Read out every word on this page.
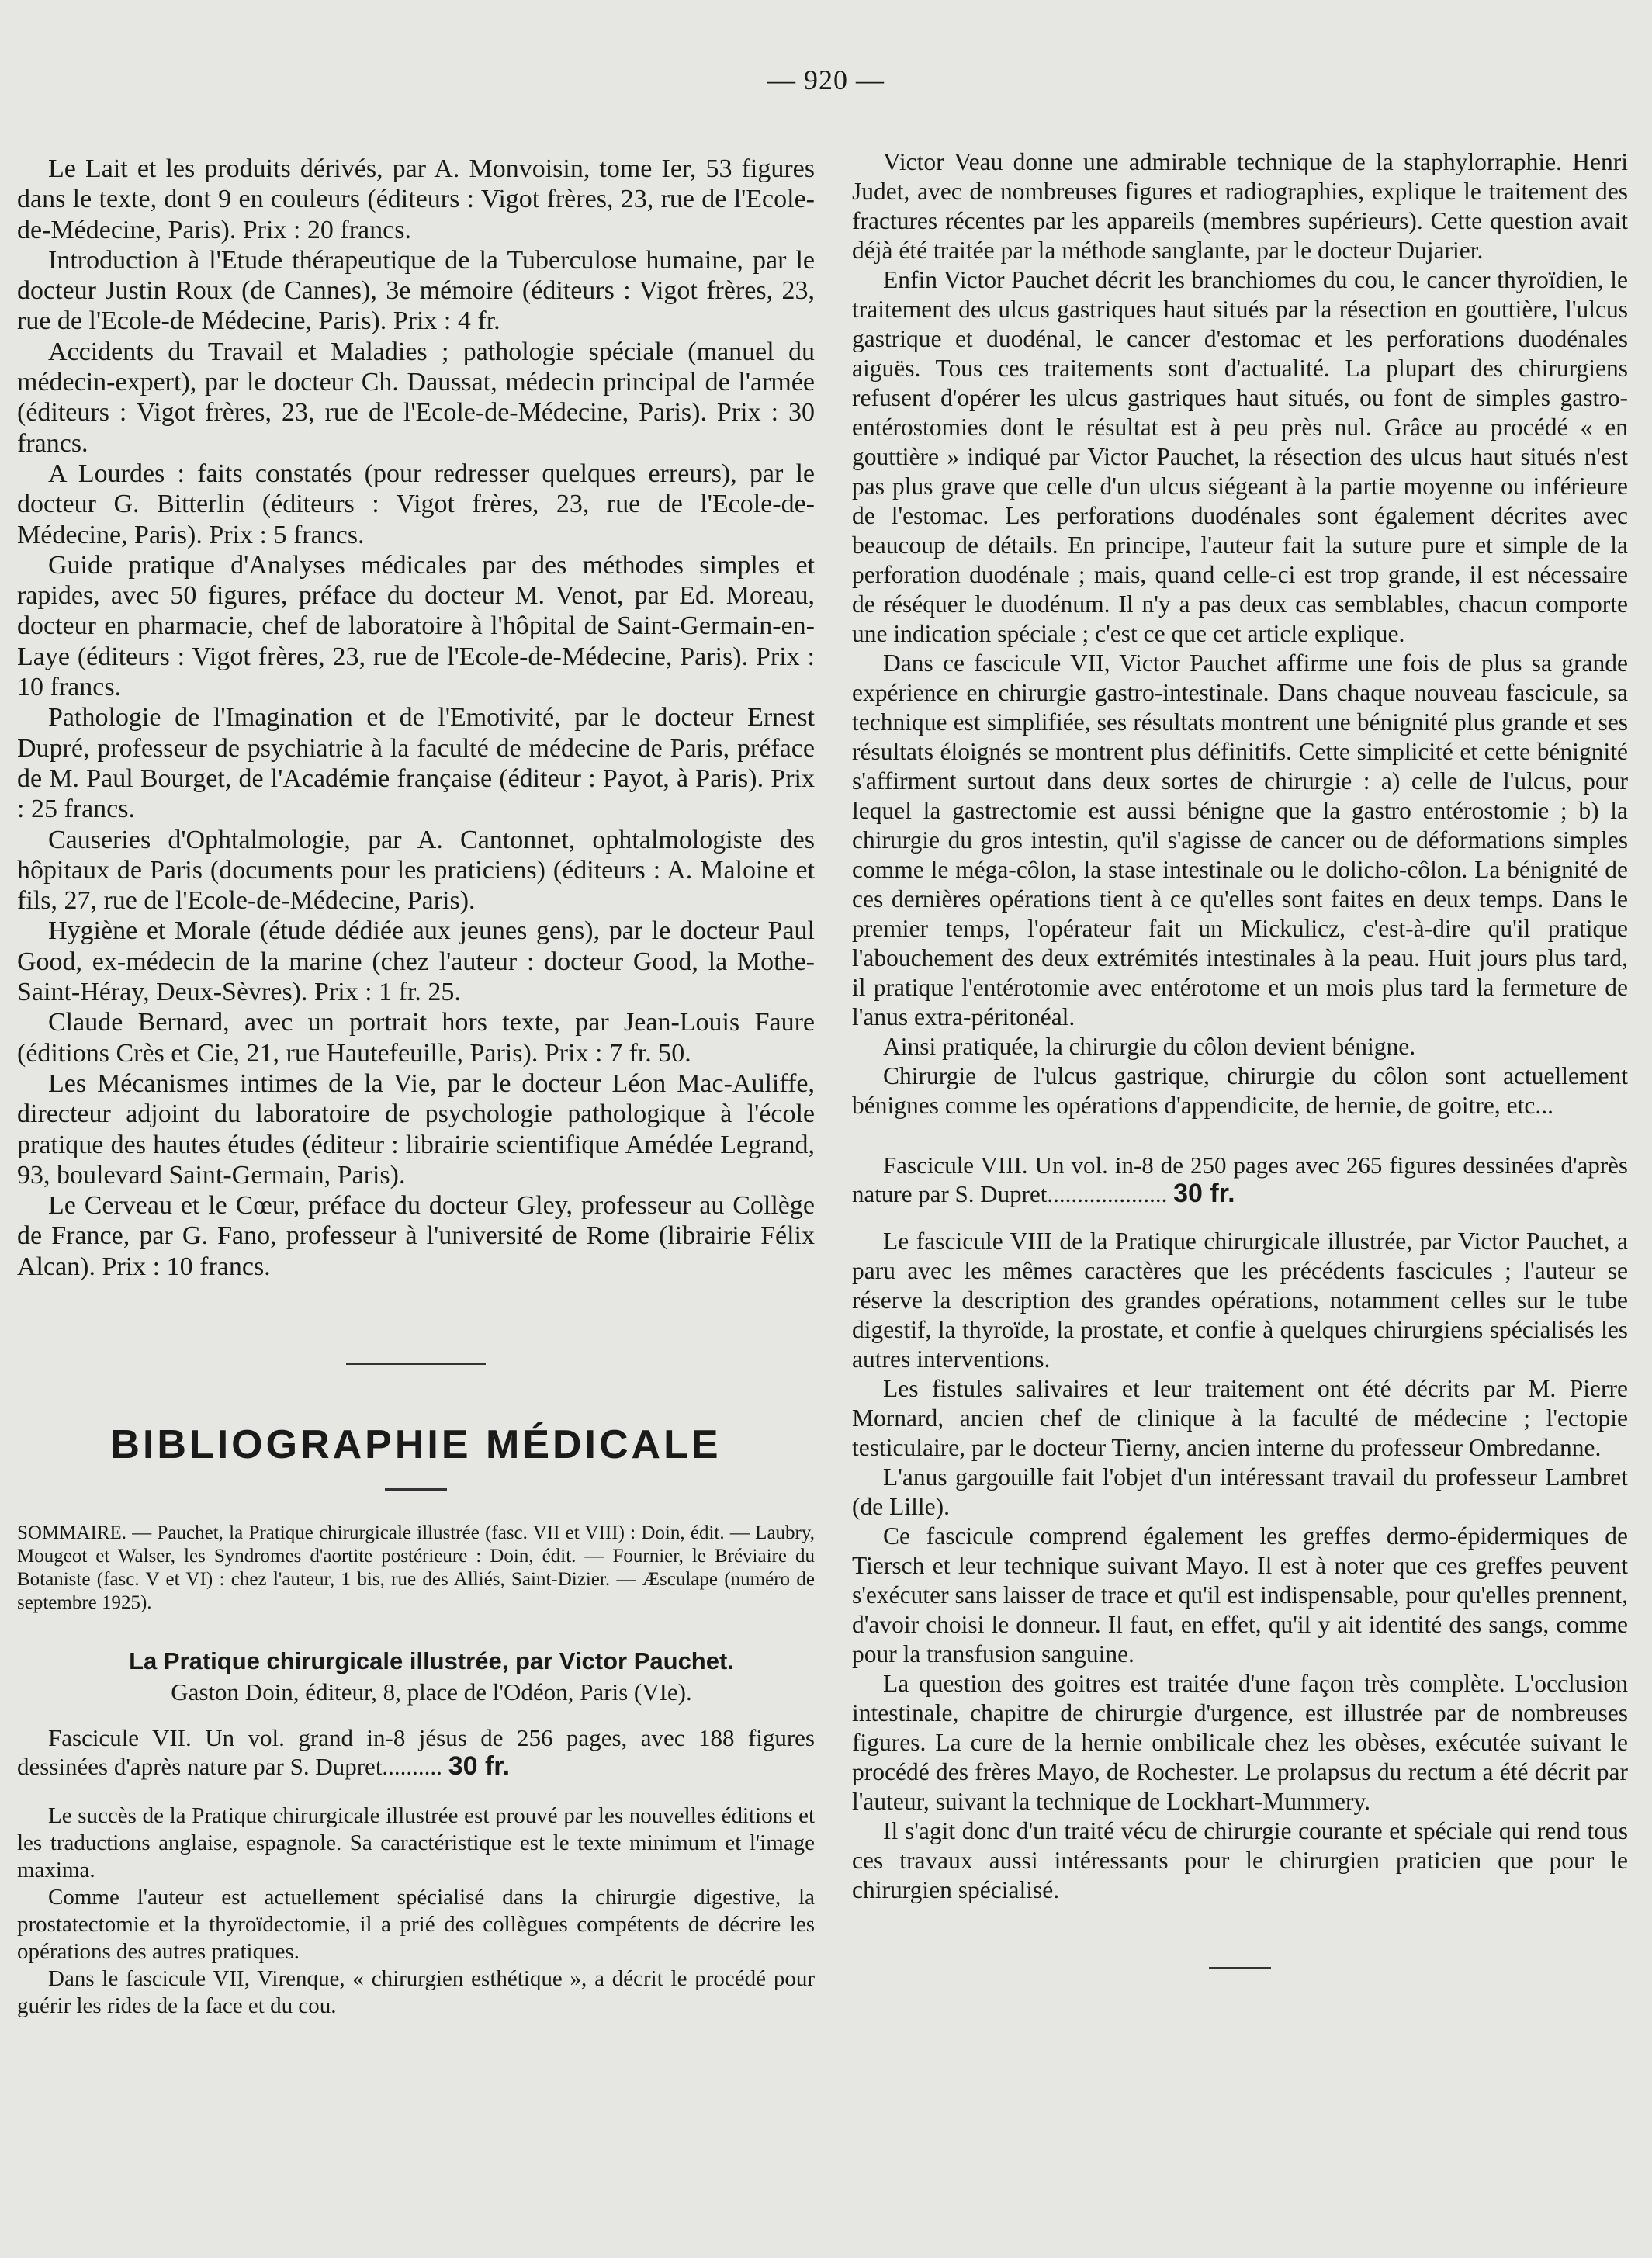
— 920 —

Le Lait et les produits dérivés, par A. Monvoisin, tome Ier, 53 figures dans le texte, dont 9 en couleurs (éditeurs : Vigot frères, 23, rue de l'Ecole-de-Médecine, Paris). Prix : 20 francs.

Introduction à l'Etude thérapeutique de la Tuberculose humaine, par le docteur Justin Roux (de Cannes), 3e mémoire (éditeurs : Vigot frères, 23, rue de l'Ecole-de Médecine, Paris). Prix : 4 fr.

Accidents du Travail et Maladies ; pathologie spéciale (manuel du médecin-expert), par le docteur Ch. Daussat, médecin principal de l'armée (éditeurs : Vigot frères, 23, rue de l'Ecole-de-Médecine, Paris). Prix : 30 francs.

A Lourdes : faits constatés (pour redresser quelques erreurs), par le docteur G. Bitterlin (éditeurs : Vigot frères, 23, rue de l'Ecole-de-Médecine, Paris). Prix : 5 francs.

Guide pratique d'Analyses médicales par des méthodes simples et rapides, avec 50 figures, préface du docteur M. Venot, par Ed. Moreau, docteur en pharmacie, chef de laboratoire à l'hôpital de Saint-Germain-en-Laye (éditeurs : Vigot frères, 23, rue de l'Ecole-de-Médecine, Paris). Prix : 10 francs.

Pathologie de l'Imagination et de l'Emotivité, par le docteur Ernest Dupré, professeur de psychiatrie à la faculté de médecine de Paris, préface de M. Paul Bourget, de l'Académie française (éditeur : Payot, à Paris). Prix : 25 francs.

Causeries d'Ophtalmologie, par A. Cantonnet, ophtalmologiste des hôpitaux de Paris (documents pour les praticiens) (éditeurs : A. Maloine et fils, 27, rue de l'Ecole-de-Médecine, Paris).

Hygiène et Morale (étude dédiée aux jeunes gens), par le docteur Paul Good, ex-médecin de la marine (chez l'auteur : docteur Good, la Mothe-Saint-Héray, Deux-Sèvres). Prix : 1 fr. 25.

Claude Bernard, avec un portrait hors texte, par Jean-Louis Faure (éditions Crès et Cie, 21, rue Hautefeuille, Paris). Prix : 7 fr. 50.

Les Mécanismes intimes de la Vie, par le docteur Léon Mac-Auliffe, directeur adjoint du laboratoire de psychologie pathologique à l'école pratique des hautes études (éditeur : librairie scientifique Amédée Legrand, 93, boulevard Saint-Germain, Paris).

Le Cerveau et le Cœur, préface du docteur Gley, professeur au Collège de France, par G. Fano, professeur à l'université de Rome (librairie Félix Alcan). Prix : 10 francs.

BIBLIOGRAPHIE MÉDICALE

SOMMAIRE. — Pauchet, la Pratique chirurgicale illustrée (fasc. VII et VIII) : Doin, édit. — Laubry, Mougeot et Walser, les Syndromes d'aortite postérieure : Doin, édit. — Fournier, le Bréviaire du Botaniste (fasc. V et VI) : chez l'auteur, 1 bis, rue des Alliés, Saint-Dizier. — Æsculape (numéro de septembre 1925).

La Pratique chirurgicale illustrée, par Victor Pauchet.

Gaston Doin, éditeur, 8, place de l'Odéon, Paris (VIe).

Fascicule VII. Un vol. grand in-8 jésus de 256 pages, avec 188 figures dessinées d'après nature par S. Dupret.......... 30 fr.

Le succès de la Pratique chirurgicale illustrée est prouvé par les nouvelles éditions et les traductions anglaise, espagnole. Sa caractéristique est le texte minimum et l'image maxima.

Comme l'auteur est actuellement spécialisé dans la chirurgie digestive, la prostatectomie et la thyroïdectomie, il a prié des collègues compétents de décrire les opérations des autres pratiques.

Dans le fascicule VII, Virenque, « chirurgien esthétique », a décrit le procédé pour guérir les rides de la face et du cou.

Victor Veau donne une admirable technique de la staphylorraphie. Henri Judet, avec de nombreuses figures et radiographies, explique le traitement des fractures récentes par les appareils (membres supérieurs). Cette question avait déjà été traitée par la méthode sanglante, par le docteur Dujarier.

Enfin Victor Pauchet décrit les branchiomes du cou, le cancer thyroïdien, le traitement des ulcus gastriques haut situés par la résection en gouttière, l'ulcus gastrique et duodénal, le cancer d'estomac et les perforations duodénales aiguës. Tous ces traitements sont d'actualité. La plupart des chirurgiens refusent d'opérer les ulcus gastriques haut situés, ou font de simples gastro-entérostomies dont le résultat est à peu près nul. Grâce au procédé « en gouttière » indiqué par Victor Pauchet, la résection des ulcus haut situés n'est pas plus grave que celle d'un ulcus siégeant à la partie moyenne ou inférieure de l'estomac. Les perforations duodénales sont également décrites avec beaucoup de détails. En principe, l'auteur fait la suture pure et simple de la perforation duodénale ; mais, quand celle-ci est trop grande, il est nécessaire de réséquer le duodénum. Il n'y a pas deux cas semblables, chacun comporte une indication spéciale ; c'est ce que cet article explique.

Dans ce fascicule VII, Victor Pauchet affirme une fois de plus sa grande expérience en chirurgie gastro-intestinale. Dans chaque nouveau fascicule, sa technique est simplifiée, ses résultats montrent une bénignité plus grande et ses résultats éloignés se montrent plus définitifs. Cette simplicité et cette bénignité s'affirment surtout dans deux sortes de chirurgie : a) celle de l'ulcus, pour lequel la gastrectomie est aussi bénigne que la gastro entérostomie ; b) la chirurgie du gros intestin, qu'il s'agisse de cancer ou de déformations simples comme le méga-côlon, la stase intestinale ou le dolicho-côlon. La bénignité de ces dernières opérations tient à ce qu'elles sont faites en deux temps. Dans le premier temps, l'opérateur fait un Mickulicz, c'est-à-dire qu'il pratique l'abouchement des deux extrémités intestinales à la peau. Huit jours plus tard, il pratique l'entérotomie avec entérotome et un mois plus tard la fermeture de l'anus extra-péritonéal.

Ainsi pratiquée, la chirurgie du côlon devient bénigne.

Chirurgie de l'ulcus gastrique, chirurgie du côlon sont actuellement bénignes comme les opérations d'appendicite, de hernie, de goitre, etc...

Fascicule VIII. Un vol. in-8 de 250 pages avec 265 figures dessinées d'après nature par S. Dupret.................... 30 fr.

Le fascicule VIII de la Pratique chirurgicale illustrée, par Victor Pauchet, a paru avec les mêmes caractères que les précédents fascicules ; l'auteur se réserve la description des grandes opérations, notamment celles sur le tube digestif, la thyroïde, la prostate, et confie à quelques chirurgiens spécialisés les autres interventions.

Les fistules salivaires et leur traitement ont été décrits par M. Pierre Mornard, ancien chef de clinique à la faculté de médecine ; l'ectopie testiculaire, par le docteur Tierny, ancien interne du professeur Ombredanne.

L'anus gargouille fait l'objet d'un intéressant travail du professeur Lambret (de Lille).

Ce fascicule comprend également les greffes dermo-épidermiques de Tiersch et leur technique suivant Mayo. Il est à noter que ces greffes peuvent s'exécuter sans laisser de trace et qu'il est indispensable, pour qu'elles prennent, d'avoir choisi le donneur. Il faut, en effet, qu'il y ait identité des sangs, comme pour la transfusion sanguine.

La question des goitres est traitée d'une façon très complète. L'occlusion intestinale, chapitre de chirurgie d'urgence, est illustrée par de nombreuses figures. La cure de la hernie ombilicale chez les obèses, exécutée suivant le procédé des frères Mayo, de Rochester. Le prolapsus du rectum a été décrit par l'auteur, suivant la technique de Lockhart-Mummery.

Il s'agit donc d'un traité vécu de chirurgie courante et spéciale qui rend tous ces travaux aussi intéressants pour le chirurgien praticien que pour le chirurgien spécialisé.
